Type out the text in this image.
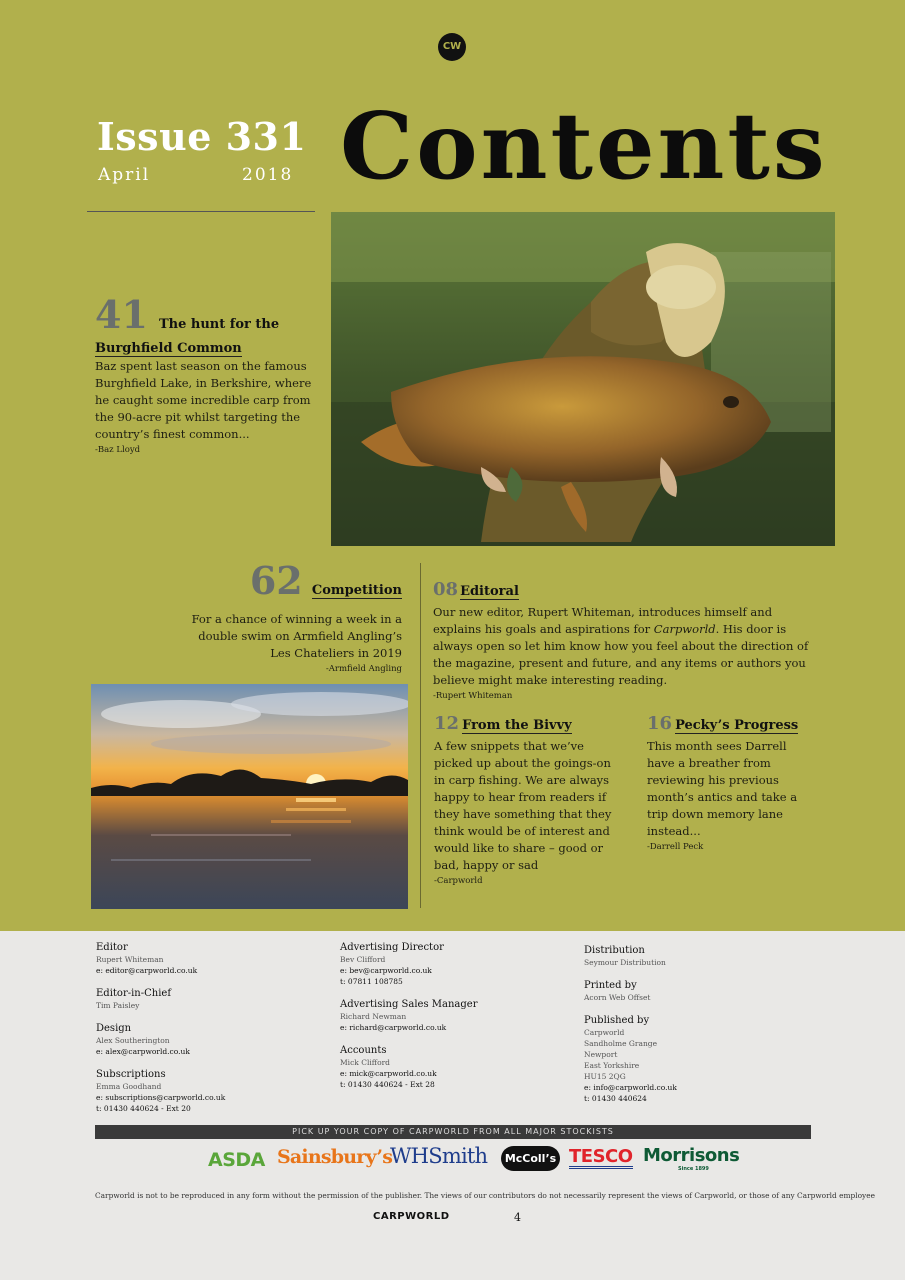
CW
Issue 331
April	2018 Contents
41 The hunt for the
Burghfield Common

Baz spent last season on the famous Burghfield Lake, in Berkshire, where he caught some incredible carp from the 90-acre pit whilst targeting the country’s finest common...

-Baz Lloyd
62 Competition

For a chance of winning a week in a double swim on Armfield Angling’s Les Chateliers in 2019

-Armfield Angling
08 Editoral

Our new editor, Rupert Whiteman, introduces himself and explains his goals and aspirations for Carpworld. His door is always open so let him know how you feel about the direction of the magazine, present and future, and any items or authors you believe might make interesting reading.

-Rupert Whiteman
12 From the Bivvy

A few snippets that we’ve picked up about the goings-on in carp fishing. We are always happy to hear from readers if they have something that they think would be of interest and would like to share – good or bad, happy or sad

-Carpworld
16 Pecky’s Progress

This month sees Darrell have a breather from reviewing his previous month’s antics and take a trip down memory lane instead...

-Darrell Peck
Editor
Rupert Whiteman
e: editor@carpworld.co.uk
Editor-in-Chief
Tim Paisley
Design
Alex Southerington
e: alex@carpworld.co.uk
Subscriptions
Emma Goodhand
e: subscriptions@carpworld.co.uk
t: 01430 440624 - Ext 20
Advertising Director
Bev Clifford
e: bev@carpworld.co.uk
t: 07811 108785
Advertising Sales Manager
Richard Newman
e: richard@carpworld.co.uk
Accounts
Mick Clifford
e: mick@carpworld.co.uk
t: 01430 440624 - Ext 28
Distribution
Seymour Distribution
Printed by
Acorn Web Offset
Published by
Carpworld
Sandholme Grange
Newport
East Yorkshire
HU15 2QG
e: info@carpworld.co.uk
t: 01430 440624
PICK UP YOUR COPY OF CARPWORLD FROM ALL MAJOR STOCKISTS
ASDA Sainsbury’s
WHSmith	McColl’s TESCO Morrisons
Since 1899
Carpworld is not to be reproduced in any form without the permission of the publisher. The views of our contributors do not necessarily represent the views of Carpworld, or those of any Carpworld employee
CARPWORLD	4
